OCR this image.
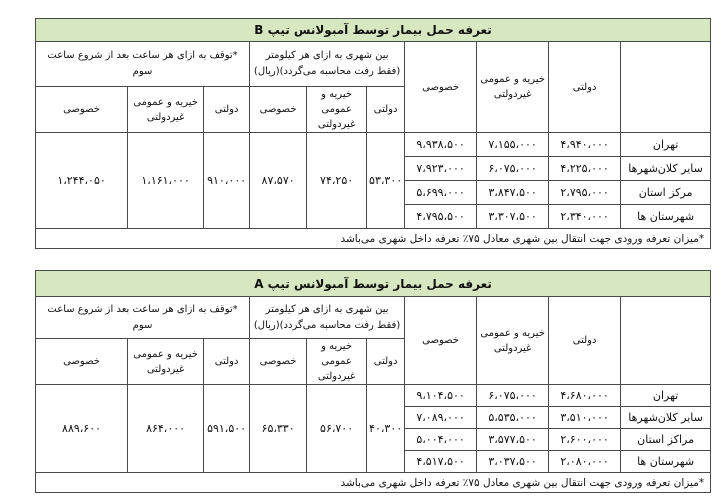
تعرفه حمل بیمار توسط آمبولانس تیپ B									
	دولتی	خیریه و عمومی
غیردولتی	خصوصی	بین شهری به ازای هر کیلومتر
(فقط رفت محاسبه می‌گردد)(ریال)			*توقف به ازای هر ساعت بعد از شروع ساعت سوم		
				دولتی	خیریه و عمومی
غیردولتی	خصوصی	دولتی	خیریه و عمومی
غیردولتی	خصوصی
تهران	۴،۹۴۰،۰۰۰	۷،۱۵۵،۰۰۰	۹،۹۳۸،۵۰۰	۵۳،۳۰۰	۷۴،۲۵۰	۸۷،۵۷۰	۹۱۰،۰۰۰	۱،۱۶۱،۰۰۰	۱،۲۴۴،۰۵۰
سایر کلان‌شهرها	۴،۲۲۵،۰۰۰	۶،۰۷۵،۰۰۰	۷،۹۲۳،۰۰۰						
مرکز استان	۲،۷۹۵،۰۰۰	۳،۸۴۷،۵۰۰	۵،۶۹۹،۰۰۰						
شهرستان ها	۲،۳۴۰،۰۰۰	۳،۳۰۷،۵۰۰	۴،۷۹۵،۵۰۰						
*میزان تعرفه ورودی جهت انتقال بین شهری معادل ۷۵٪ تعرفه داخل شهری می‌باشد									
تعرفه حمل بیمار توسط آمبولانس تیپ A									
	دولتی	خیریه و عمومی
غیردولتی	خصوصی	بین شهری به ازای هر کیلومتر
(فقط رفت محاسبه می‌گردد)(ریال)			*توقف به ازای هر ساعت بعد از شروع ساعت سوم		
				دولتی	خیریه و عمومی
غیردولتی	خصوصی	دولتی	خیریه و عمومی
غیردولتی	خصوصی
تهران	۴،۶۸۰،۰۰۰	۶،۰۷۵،۰۰۰	۹،۱۰۴،۵۰۰	۴۰،۳۰۰	۵۶،۷۰۰	۶۵،۳۳۰	۵۹۱،۵۰۰	۸۶۴،۰۰۰	۸۸۹،۶۰۰
سایر کلان‌شهرها	۳،۵۱۰،۰۰۰	۵،۵۳۵،۰۰۰	۷،۰۸۹،۰۰۰						
مراکز استان	۲،۶۰۰،۰۰۰	۳،۵۷۷،۵۰۰	۵،۰۰۴،۰۰۰						
شهرستان ها	۲،۰۸۰،۰۰۰	۳،۰۳۷،۵۰۰	۴،۵۱۷،۵۰۰						
*میزان تعرفه ورودی جهت انتقال بین شهری معادل ۷۵٪ تعرفه داخل شهری می‌باشد									
